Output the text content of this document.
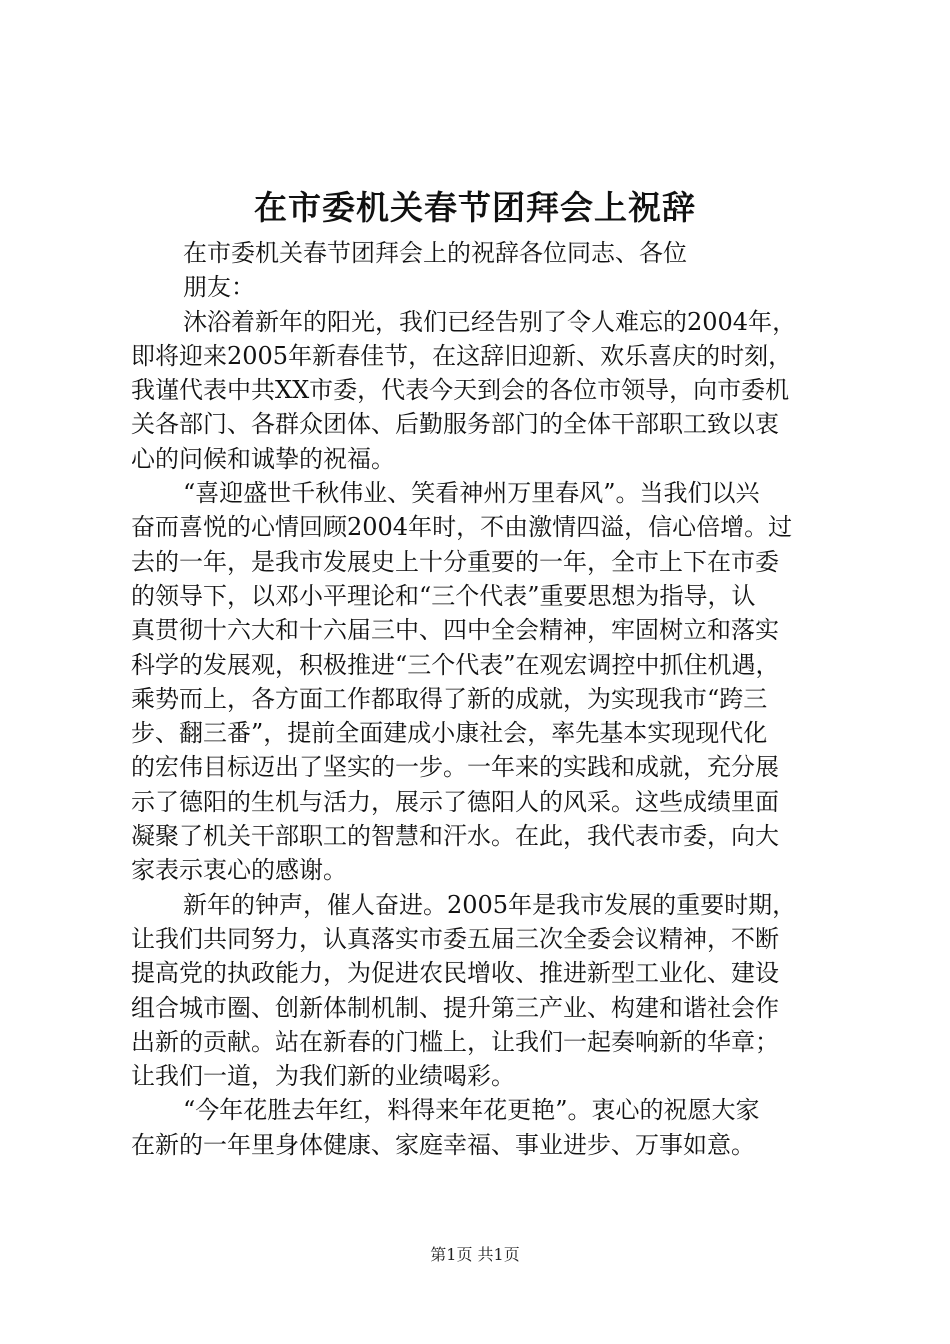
在市委机关春节团拜会上祝辞

在市委机关春节团拜会上的祝辞各位同志、各位

朋友：

沐浴着新年的阳光，我们已经告别了令人难忘的2004年，

即将迎来2005年新春佳节，在这辞旧迎新、欢乐喜庆的时刻，

我谨代表中共XX市委，代表今天到会的各位市领导，向市委机

关各部门、各群众团体、后勤服务部门的全体干部职工致以衷

心的问候和诚挚的祝福。

“喜迎盛世千秋伟业、笑看神州万里春风”。当我们以兴

奋而喜悦的心情回顾2004年时，不由激情四溢，信心倍增。过

去的一年，是我市发展史上十分重要的一年，全市上下在市委

的领导下，以邓小平理论和“三个代表”重要思想为指导，认

真贯彻十六大和十六届三中、四中全会精神，牢固树立和落实

科学的发展观，积极推进“三个代表”在观宏调控中抓住机遇，

乘势而上，各方面工作都取得了新的成就，为实现我市“跨三

步、翻三番”，提前全面建成小康社会，率先基本实现现代化

的宏伟目标迈出了坚实的一步。一年来的实践和成就，充分展

示了德阳的生机与活力，展示了德阳人的风采。这些成绩里面

凝聚了机关干部职工的智慧和汗水。在此，我代表市委，向大

家表示衷心的感谢。

新年的钟声，催人奋进。2005年是我市发展的重要时期，

让我们共同努力，认真落实市委五届三次全委会议精神，不断

提高党的执政能力，为促进农民增收、推进新型工业化、建设

组合城市圈、创新体制机制、提升第三产业、构建和谐社会作

出新的贡献。站在新春的门槛上，让我们一起奏响新的华章；

让我们一道，为我们新的业绩喝彩。

“今年花胜去年红，料得来年花更艳”。衷心的祝愿大家

在新的一年里身体健康、家庭幸福、事业进步、万事如意。

第1页 共1页
